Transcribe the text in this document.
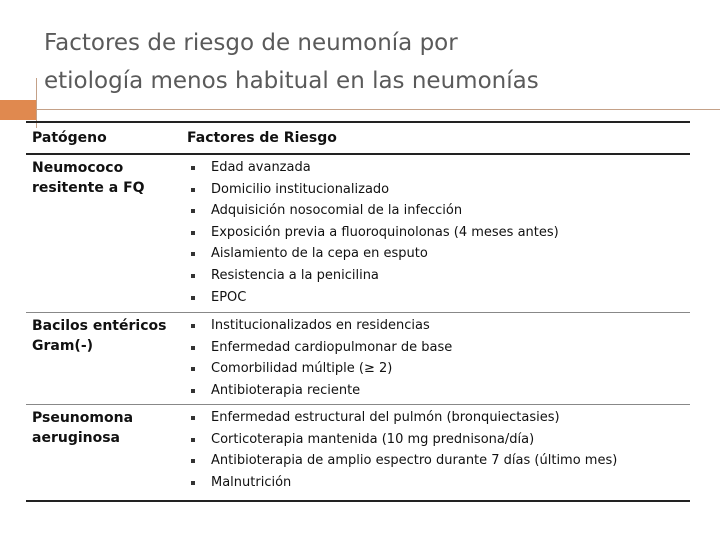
Factores de riesgo de neumonía por
etiología menos habitual en las neumonías
Patógeno	Factores de Riesgo
Neumococo
resitente a FQ
Edad avanzada
Domicilio institucionalizado
Adquisición nosocomial de la infección
Exposición previa a fluoroquinolonas (4 meses antes)
Aislamiento de la cepa en esputo
Resistencia a la penicilina
EPOC
Bacilos entéricos
Gram(-)
Institucionalizados en residencias
Enfermedad cardiopulmonar de base
Comorbilidad múltiple (≥ 2)
Antibioterapia reciente
Pseunomona
aeruginosa
Enfermedad estructural del pulmón (bronquiectasies)
Corticoterapia mantenida (10 mg prednisona/día)
Antibioterapia de amplio espectro durante 7 días (último mes)
Malnutrición
